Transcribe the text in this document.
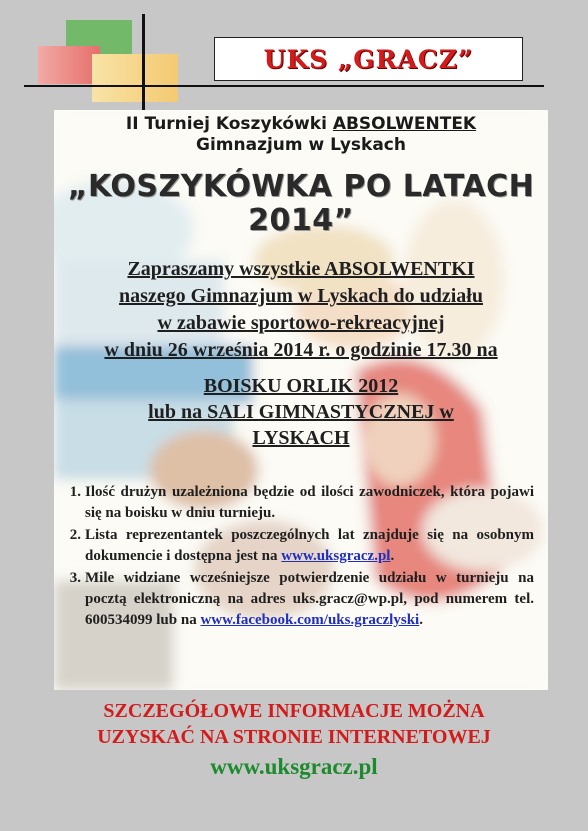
UKS „GRACZ”
II Turniej Koszykówki ABSOLWENTEK
Gimnazjum w Lyskach
„KOSZYKÓWKA PO LATACH
2014”
Zapraszamy wszystkie ABSOLWENTKI
naszego Gimnazjum w Lyskach do udziału
w zabawie sportowo-rekreacyjnej
w dniu 26 września 2014 r. o godzinie 17.30 na
BOISKU ORLIK 2012
lub na SALI GIMNASTYCZNEJ w
LYSKACH
1. Ilość drużyn uzależniona będzie od ilości zawodniczek, która pojawi się na boisku w dniu turnieju.
2. Lista reprezentantek poszczególnych lat znajduje się na osobnym dokumencie i dostępna jest na www.uksgracz.pl.
3. Mile widziane wcześniejsze potwierdzenie udziału w turnieju na pocztą elektroniczną na adres uks.gracz@wp.pl, pod numerem tel. 600534099 lub na www.facebook.com/uks.graczlyski.
SZCZEGÓŁOWE INFORMACJE MOŻNA
UZYSKAĆ NA STRONIE INTERNETOWEJ
www.uksgracz.pl
